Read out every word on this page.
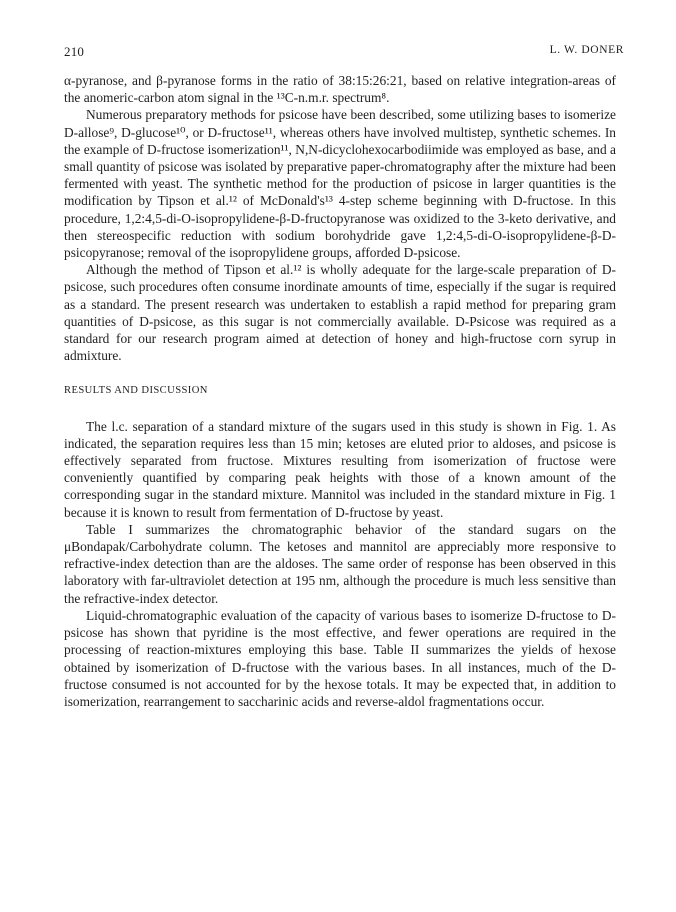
210	L. W. DONER

α-pyranose, and β-pyranose forms in the ratio of 38:15:26:21, based on relative integration-areas of the anomeric-carbon atom signal in the ¹³C-n.m.r. spectrum⁸.

Numerous preparatory methods for psicose have been described, some utilizing bases to isomerize D-allose⁹, D-glucose¹⁰, or D-fructose¹¹, whereas others have involved multistep, synthetic schemes. In the example of D-fructose isomerization¹¹, N,N-dicyclohexocarbodiimide was employed as base, and a small quantity of psicose was isolated by preparative paper-chromatography after the mixture had been fermented with yeast. The synthetic method for the production of psicose in larger quantities is the modification by Tipson et al.¹² of McDonald's¹³ 4-step scheme beginning with D-fructose. In this procedure, 1,2:4,5-di-O-isopropylidene-β-D-fructopyranose was oxidized to the 3-keto derivative, and then stereospecific reduction with sodium borohydride gave 1,2:4,5-di-O-isopropylidene-β-D-psicopyranose; removal of the isopropylidene groups, afforded D-psicose.

Although the method of Tipson et al.¹² is wholly adequate for the large-scale preparation of D-psicose, such procedures often consume inordinate amounts of time, especially if the sugar is required as a standard. The present research was undertaken to establish a rapid method for preparing gram quantities of D-psicose, as this sugar is not commercially available. D-Psicose was required as a standard for our research program aimed at detection of honey and high-fructose corn syrup in admixture.

RESULTS AND DISCUSSION

The l.c. separation of a standard mixture of the sugars used in this study is shown in Fig. 1. As indicated, the separation requires less than 15 min; ketoses are eluted prior to aldoses, and psicose is effectively separated from fructose. Mixtures resulting from isomerization of fructose were conveniently quantified by comparing peak heights with those of a known amount of the corresponding sugar in the standard mixture. Mannitol was included in the standard mixture in Fig. 1 because it is known to result from fermentation of D-fructose by yeast.

Table I summarizes the chromatographic behavior of the standard sugars on the μBondapak/Carbohydrate column. The ketoses and mannitol are appreciably more responsive to refractive-index detection than are the aldoses. The same order of response has been observed in this laboratory with far-ultraviolet detection at 195 nm, although the procedure is much less sensitive than the refractive-index detector.

Liquid-chromatographic evaluation of the capacity of various bases to isomerize D-fructose to D-psicose has shown that pyridine is the most effective, and fewer operations are required in the processing of reaction-mixtures employing this base. Table II summarizes the yields of hexose obtained by isomerization of D-fructose with the various bases. In all instances, much of the D-fructose consumed is not accounted for by the hexose totals. It may be expected that, in addition to isomerization, rearrangement to saccharinic acids and reverse-aldol fragmentations occur.
